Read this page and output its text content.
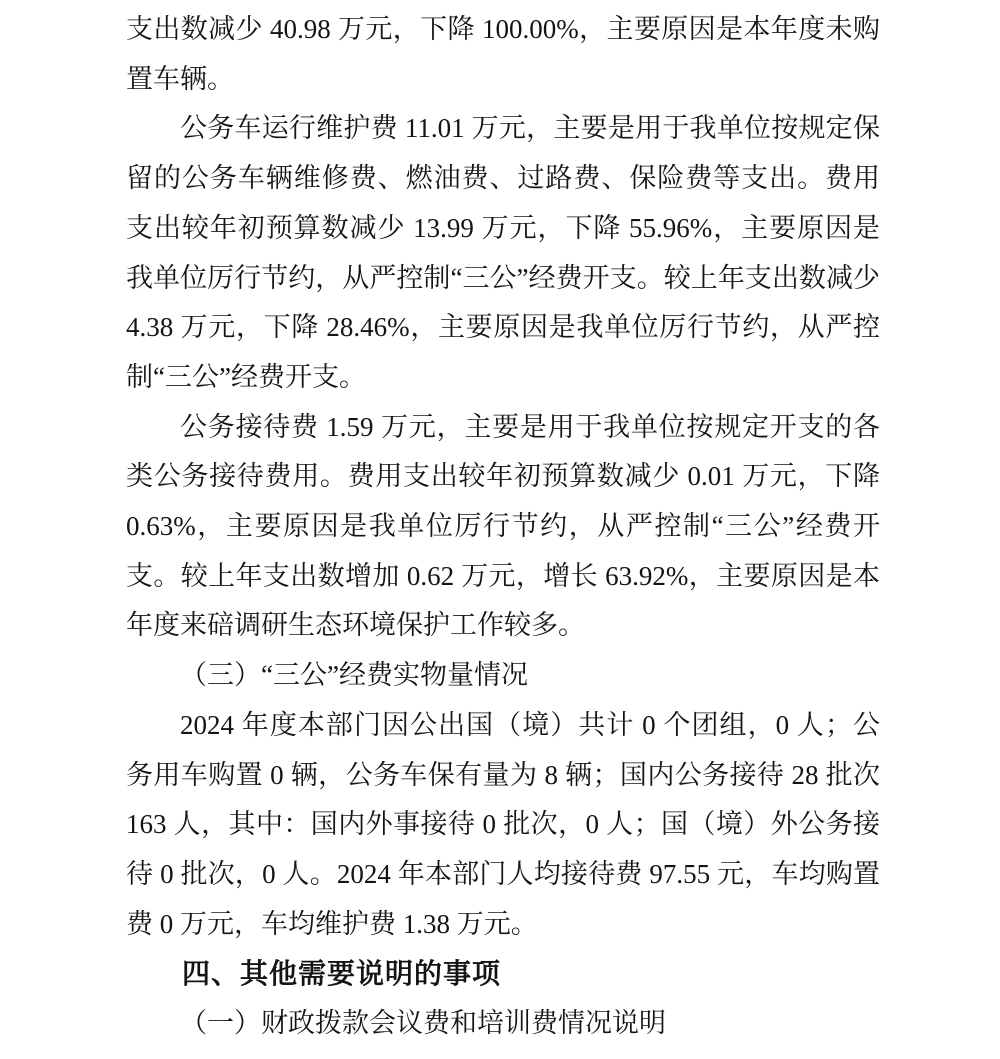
支出数减少 40.98 万元，下降 100.00%，主要原因是本年度未购置车辆。

公务车运行维护费 11.01 万元，主要是用于我单位按规定保留的公务车辆维修费、燃油费、过路费、保险费等支出。费用支出较年初预算数减少 13.99 万元，下降 55.96%，主要原因是我单位厉行节约，从严控制“三公”经费开支。较上年支出数减少 4.38 万元，下降 28.46%，主要原因是我单位厉行节约，从严控制“三公”经费开支。

公务接待费 1.59 万元，主要是用于我单位按规定开支的各类公务接待费用。费用支出较年初预算数减少 0.01 万元，下降 0.63%，主要原因是我单位厉行节约，从严控制“三公”经费开支。较上年支出数增加 0.62 万元，增长 63.92%，主要原因是本年度来碚调研生态环境保护工作较多。

（三）“三公”经费实物量情况

2024 年度本部门因公出国（境）共计 0 个团组，0 人；公务用车购置 0 辆，公务车保有量为 8 辆；国内公务接待 28 批次 163 人，其中：国内外事接待 0 批次，0 人；国（境）外公务接待 0 批次，0 人。2024 年本部门人均接待费 97.55 元，车均购置费 0 万元，车均维护费 1.38 万元。

四、其他需要说明的事项

（一）财政拨款会议费和培训费情况说明
